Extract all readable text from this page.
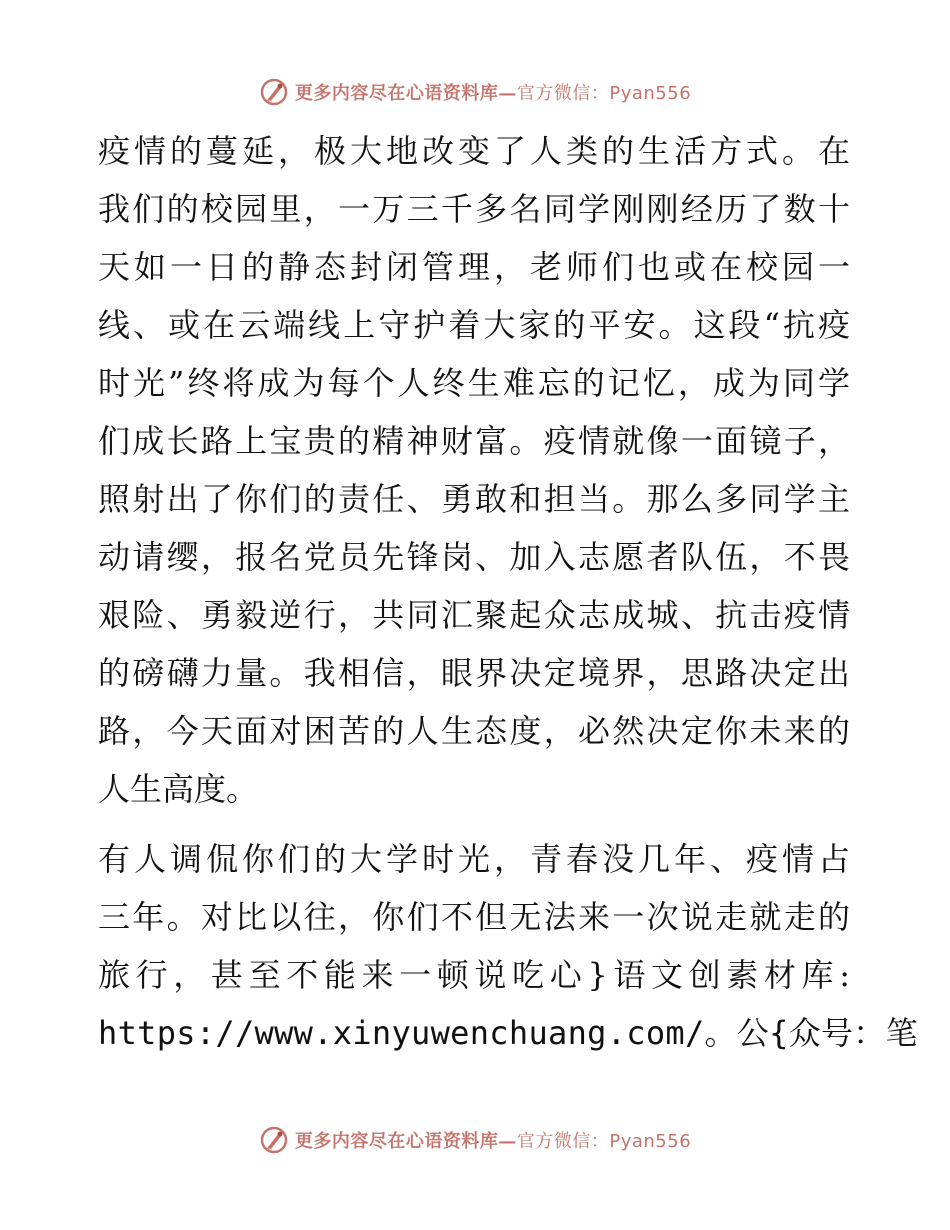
更多内容尽在心语资料库—官方微信：Pyan556

疫情的蔓延，极大地改变了人类的生活方式。在
我们的校园里，一万三千多名同学刚刚经历了数十
天如一日的静态封闭管理，老师们也或在校园一
线、或在云端线上守护着大家的平安。这段“抗疫
时光”终将成为每个人终生难忘的记忆，成为同学
们成长路上宝贵的精神财富。疫情就像一面镜子，
照射出了你们的责任、勇敢和担当。那么多同学主
动请缨，报名党员先锋岗、加入志愿者队伍，不畏
艰险、勇毅逆行，共同汇聚起众志成城、抗击疫情
的磅礴力量。我相信，眼界决定境界，思路决定出
路，今天面对困苦的人生态度，必然决定你未来的
人生高度。

有人调侃你们的大学时光，青春没几年、疫情占
三年。对比以往，你们不但无法来一次说走就走的
旅行，甚至不能来一顿说吃心}语文创素材库:
https://www.xinyuwenchuang.com/。公{众号：笔

更多内容尽在心语资料库—官方微信：Pyan556
